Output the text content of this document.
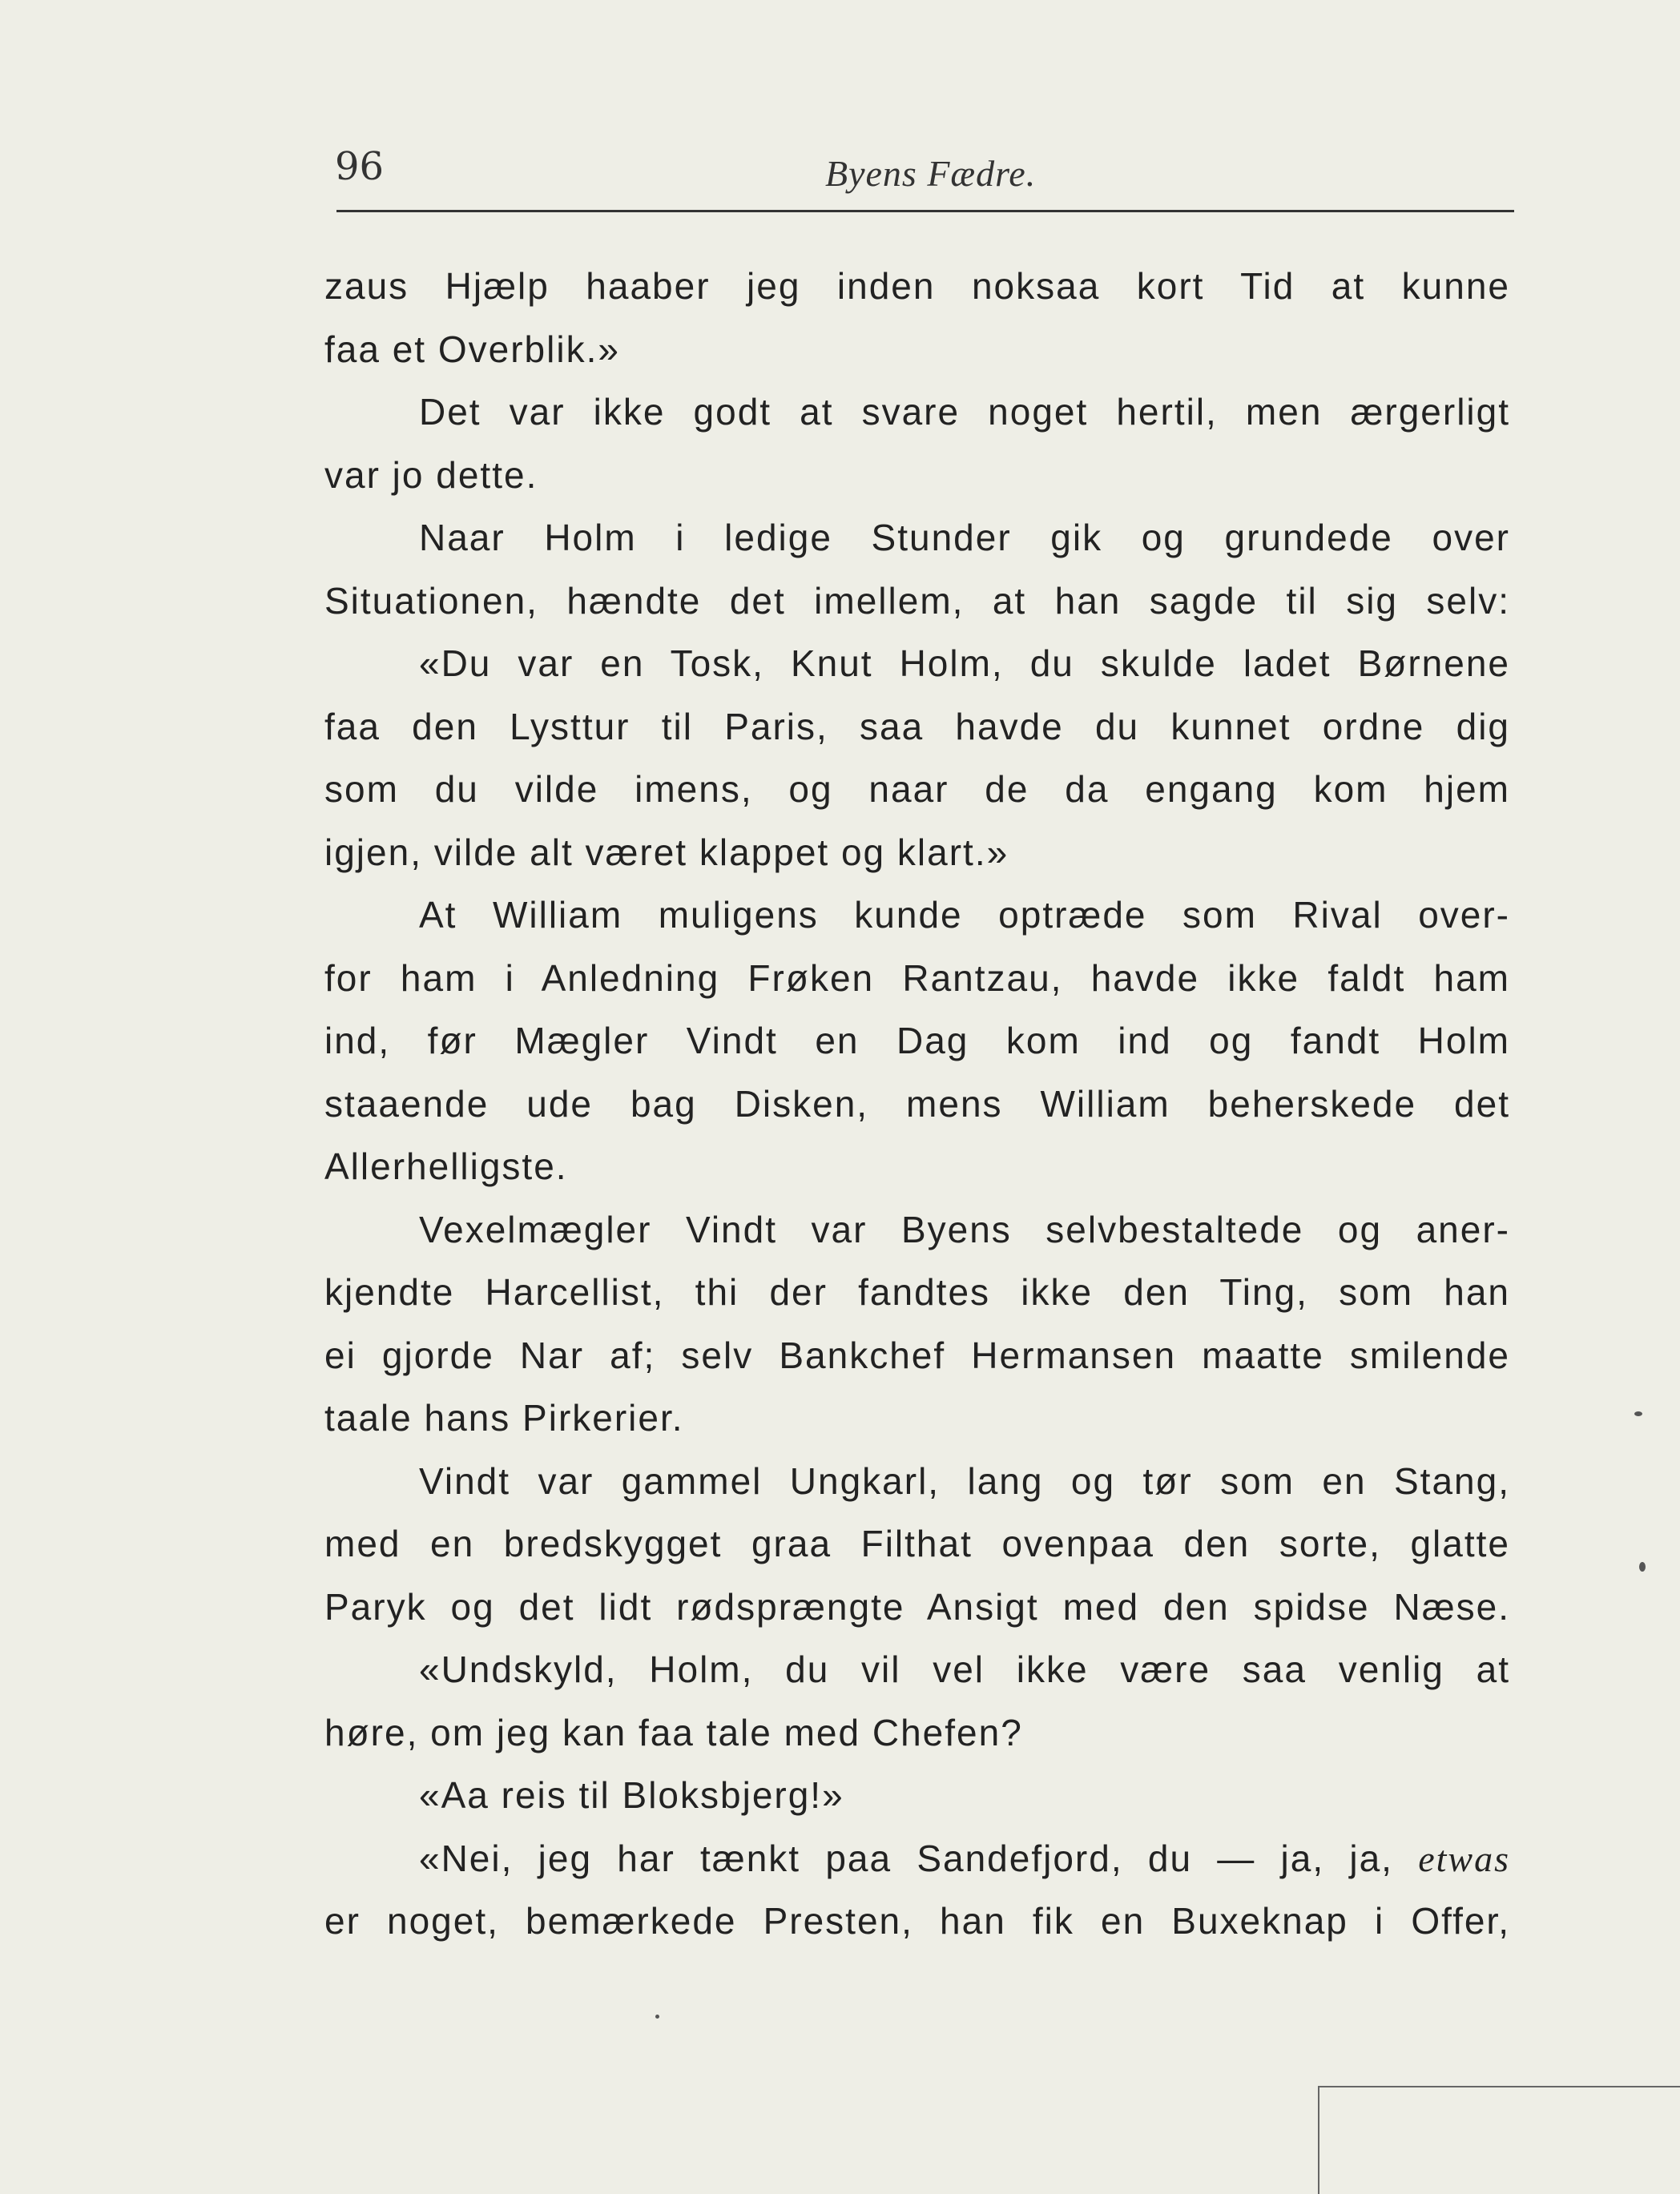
96	Byens Fædre.
zaus Hjælp haaber jeg inden noksaa kort Tid at kunne
faa et Overblik.»
Det var ikke godt at svare noget hertil, men ærgerligt
var jo dette.
Naar Holm i ledige Stunder gik og grundede over
Situationen, hændte det imellem, at han sagde til sig selv:
«Du var en Tosk, Knut Holm, du skulde ladet Børnene
faa den Lysttur til Paris, saa havde du kunnet ordne dig
som du vilde imens, og naar de da engang kom hjem
igjen, vilde alt været klappet og klart.»
At William muligens kunde optræde som Rival over-
for ham i Anledning Frøken Rantzau, havde ikke faldt ham
ind, før Mægler Vindt en Dag kom ind og fandt Holm
staaende ude bag Disken, mens William beherskede det
Allerhelligste.
Vexelmægler Vindt var Byens selvbestaltede og aner-
kjendte Harcellist, thi der fandtes ikke den Ting, som han
ei gjorde Nar af; selv Bankchef Hermansen maatte smilende
taale hans Pirkerier.
Vindt var gammel Ungkarl, lang og tør som en Stang,
med en bredskygget graa Filthat ovenpaa den sorte, glatte
Paryk og det lidt rødsprængte Ansigt med den spidse Næse.
«Undskyld, Holm, du vil vel ikke være saa venlig at
høre, om jeg kan faa tale med Chefen?
«Aa reis til Bloksbjerg!»
«Nei, jeg har tænkt paa Sandefjord, du — ja, ja, etwas
er noget, bemærkede Presten, han fik en Buxeknap i Offer,
